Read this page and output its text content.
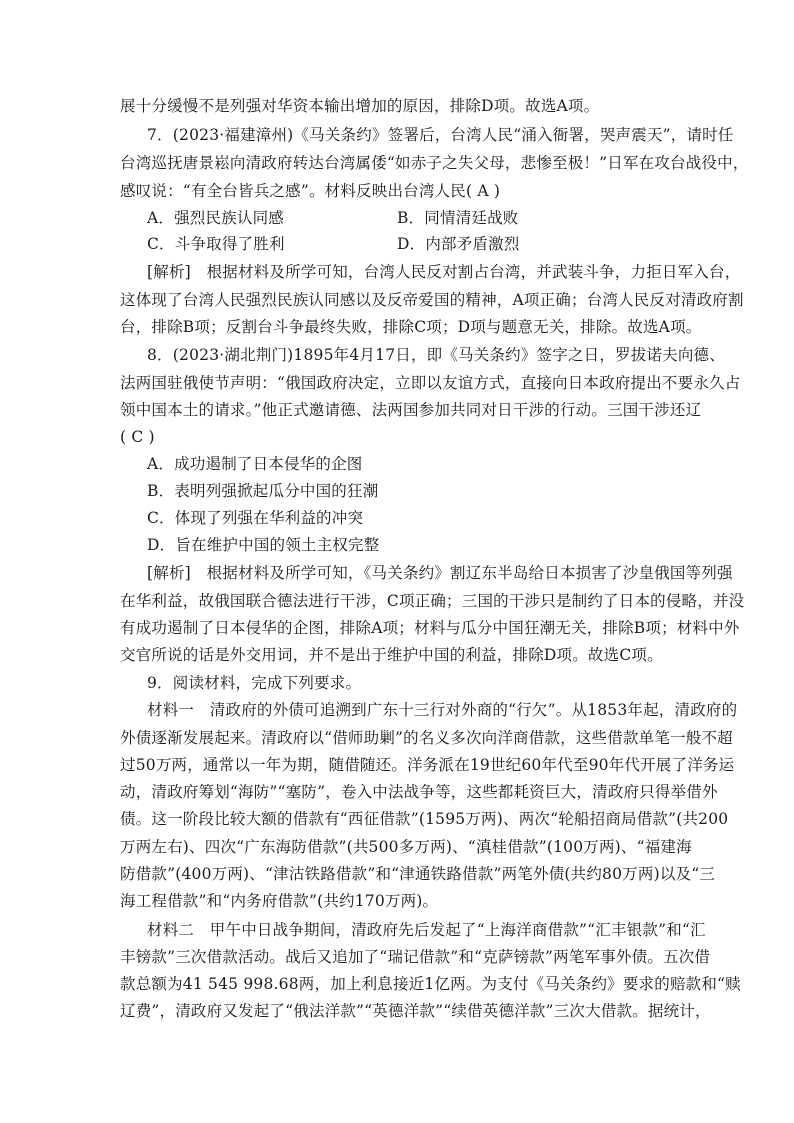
展十分缓慢不是列强对华资本输出增加的原因，排除D项。故选A项。
7．(2023·福建漳州)《马关条约》签署后，台湾人民“涌入衙署，哭声震天”，请时任
台湾巡抚唐景崧向清政府转达台湾属倭“如赤子之失父母，悲惨至极！”日军在攻台战役中，
感叹说：“有全台皆兵之感”。材料反映出台湾人民( A )
A．强烈民族认同感	B．同情清廷战败
C．斗争取得了胜利	D．内部矛盾激烈
[解析]　根据材料及所学可知，台湾人民反对割占台湾，并武装斗争，力拒日军入台，
这体现了台湾人民强烈民族认同感以及反帝爱国的精神，A项正确；台湾人民反对清政府割
台，排除B项；反割台斗争最终失败，排除C项；D项与题意无关，排除。故选A项。
8．(2023·湖北荆门)1895年4月17日，即《马关条约》签字之日，罗拔诺夫向德、
法两国驻俄使节声明：“俄国政府决定，立即以友谊方式，直接向日本政府提出不要永久占
领中国本土的请求。”他正式邀请德、法两国参加共同对日干涉的行动。三国干涉还辽
( C )
A．成功遏制了日本侵华的企图
B．表明列强掀起瓜分中国的狂潮
C．体现了列强在华利益的冲突
D．旨在维护中国的领土主权完整
[解析]　根据材料及所学可知，《马关条约》割辽东半岛给日本损害了沙皇俄国等列强
在华利益，故俄国联合德法进行干涉，C项正确；三国的干涉只是制约了日本的侵略，并没
有成功遏制了日本侵华的企图，排除A项；材料与瓜分中国狂潮无关，排除B项；材料中外
交官所说的话是外交用词，并不是出于维护中国的利益，排除D项。故选C项。
9．阅读材料，完成下列要求。
材料一　清政府的外债可追溯到广东十三行对外商的“行欠”。从1853年起，清政府的
外债逐渐发展起来。清政府以“借师助剿”的名义多次向洋商借款，这些借款单笔一般不超
过50万两，通常以一年为期，随借随还。洋务派在19世纪60年代至90年代开展了洋务运
动，清政府筹划“海防”“塞防”，卷入中法战争等，这些都耗资巨大，清政府只得举借外
债。这一阶段比较大额的借款有“西征借款”(1595万两)、两次“轮船招商局借款”(共200
万两左右)、四次“广东海防借款”(共500多万两)、“滇桂借款”(100万两)、“福建海
防借款”(400万两)、“津沽铁路借款”和“津通铁路借款”两笔外债(共约80万两)以及“三
海工程借款”和“内务府借款”(共约170万两)。
材料二　甲午中日战争期间，清政府先后发起了“上海洋商借款”“汇丰银款”和“汇
丰镑款”三次借款活动。战后又追加了“瑞记借款”和“克萨镑款”两笔军事外债。五次借
款总额为41 545 998.68两，加上利息接近1亿两。为支付《马关条约》要求的赔款和“赎
辽费”，清政府又发起了“俄法洋款”“英德洋款”“续借英德洋款”三次大借款。据统计，
